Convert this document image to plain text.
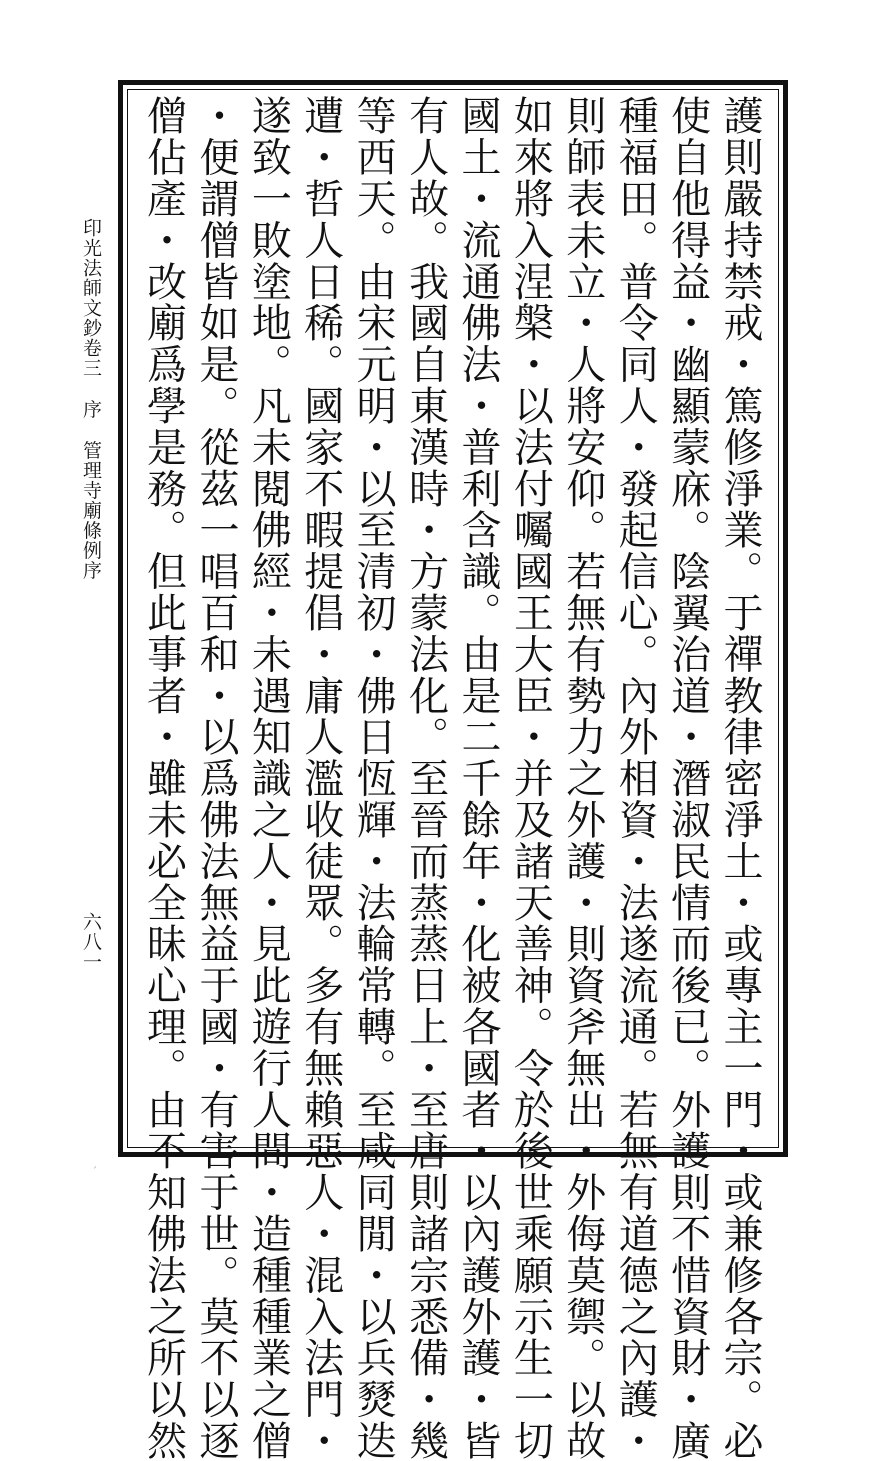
護則嚴持禁戒・篤修淨業。于禪教律密淨土・或專主一門・或兼修各宗。必
使自他得益・幽顯蒙庥。陰翼治道・潛淑民情而後已。外護則不惜資財・廣
種福田。普令同人・發起信心。內外相資・法遂流通。若無有道德之內護・
則師表未立・人將安仰。若無有勢力之外護・則資斧無出・外侮莫禦。以故
如來將入涅槃・以法付囑國王大臣・并及諸天善神。令於後世乘願示生一切
國土・流通佛法・普利含識。由是二千餘年・化被各國者・以內護外護・皆
有人故。我國自東漢時・方蒙法化。至晉而蒸蒸日上・至唐則諸宗悉備・幾
等西天。由宋元明・以至清初・佛日恆輝・法輪常轉。至咸同閒・以兵燹迭
遭・哲人日稀。國家不暇提倡・庸人濫收徒眾。多有無賴惡人・混入法門・
遂致一敗塗地。凡未閱佛經・未遇知識之人・見此遊行人間・造種種業之僧
・便謂僧皆如是。從茲一唱百和・以爲佛法無益于國・有害于世。莫不以逐
僧佔產・改廟爲學是務。但此事者・雖未必全昧心理。由不知佛法之所以然
印光法師文鈔卷三 序 管理寺廟條例序
六八一
ˊ
